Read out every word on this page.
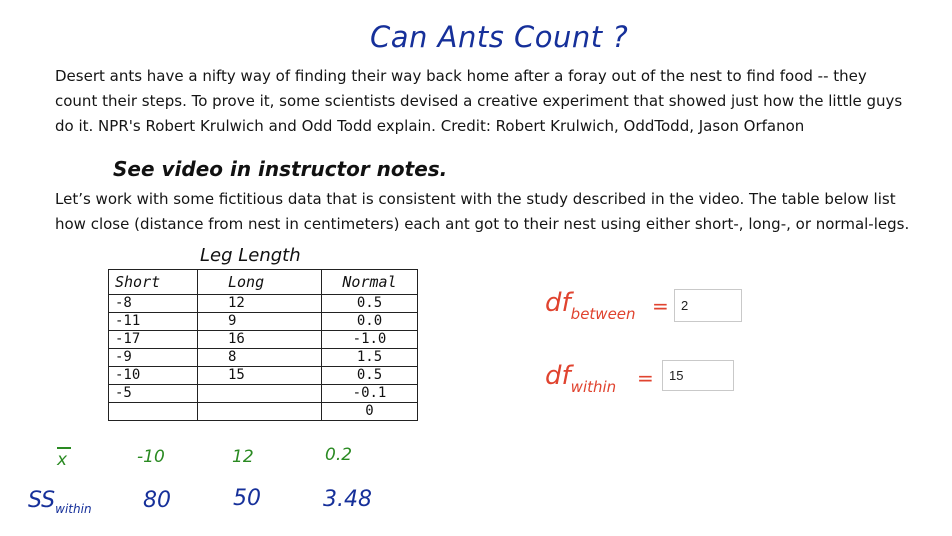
Can Ants Count ?
Desert ants have a nifty way of finding their way back home after a foray out of the nest to find food -- they count their steps. To prove it, some scientists devised a creative experiment that showed just how the little guys do it. NPR's Robert Krulwich and Odd Todd explain. Credit: Robert Krulwich, OddTodd, Jason Orfanon
See video in instructor notes.
Let’s work with some fictitious data that is consistent with the study described in the video. The table below list how close (distance from nest in centimeters) each ant got to their nest using either short-, long-, or normal-legs.
Leg Length
Short	Long	Normal
-8	12	0.5
-11	9	0.0
-17	16	-1.0
-9	8	1.5
-10	15	0.5
-5		-0.1
		0
x	-10	12	0.2
$SS_{within}$ 80	50	3.48
$df_{between}$ =
2
$df_{within}$ =
15
